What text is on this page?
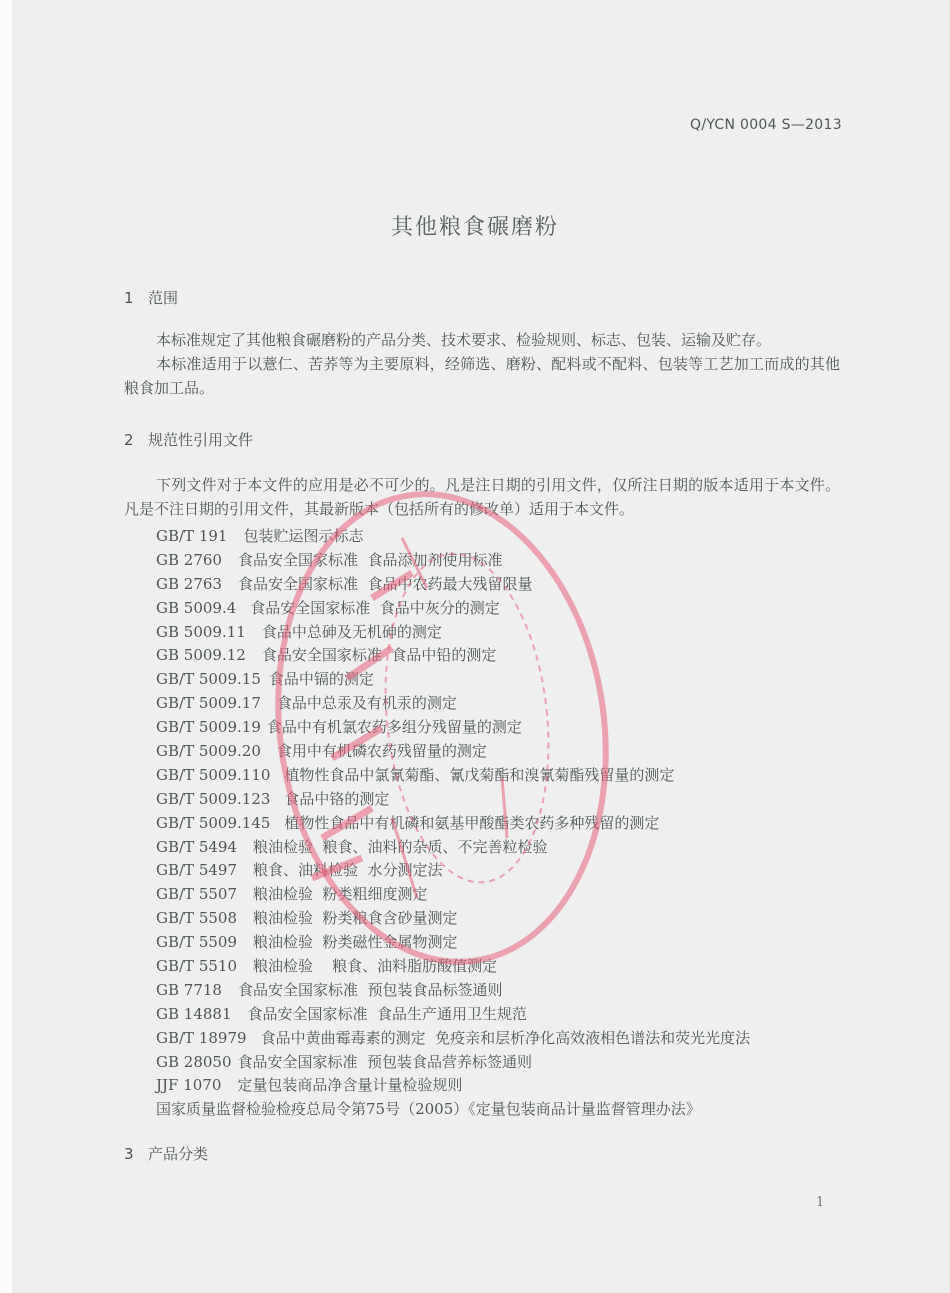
Q/YCN 0004 S—2013
其他粮食碾磨粉
1 范围
本标准规定了其他粮食碾磨粉的产品分类、技术要求、检验规则、标志、包装、运输及贮存。
本标准适用于以薏仁、苦荞等为主要原料，经筛选、磨粉、配料或不配料、包装等工艺加工而成的其他粮食加工品。
2 规范性引用文件
下列文件对于本文件的应用是必不可少的。凡是注日期的引用文件，仅所注日期的版本适用于本文件。凡是不注日期的引用文件，其最新版本（包括所有的修改单）适用于本文件。
GB/T 191 包装贮运图示标志
GB 2760 食品安全国家标准  食品添加剂使用标准
GB 2763 食品安全国家标准  食品中农药最大残留限量
GB 5009.4 食品安全国家标准  食品中灰分的测定
GB 5009.11 食品中总砷及无机砷的测定
GB 5009.12 食品安全国家标准  食品中铅的测定
GB/T 5009.15 食品中镉的测定
GB/T 5009.17 食品中总汞及有机汞的测定
GB/T 5009.19 食品中有机氯农药多组分残留量的测定
GB/T 5009.20 食用中有机磷农药残留量的测定
GB/T 5009.110 植物性食品中氯氰菊酯、氰戊菊酯和溴氰菊酯残留量的测定
GB/T 5009.123 食品中铬的测定
GB/T 5009.145 植物性食品中有机磷和氨基甲酸酯类农药多种残留的测定
GB/T 5494 粮油检验  粮食、油料的杂质、不完善粒检验
GB/T 5497 粮食、油料检验  水分测定法
GB/T 5507 粮油检验  粉类粗细度测定
GB/T 5508 粮油检验  粉类粮食含砂量测定
GB/T 5509 粮油检验  粉类磁性金属物测定
GB/T 5510 粮油检验    粮食、油料脂肪酸值测定
GB 7718 食品安全国家标准  预包装食品标签通则
GB 14881 食品安全国家标准  食品生产通用卫生规范
GB/T 18979 食品中黄曲霉毒素的测定  免疫亲和层析净化高效液相色谱法和荧光光度法
GB 28050 食品安全国家标准  预包装食品营养标签通则
JJF 1070 定量包装商品净含量计量检验规则
国家质量监督检验检疫总局令第75号（2005）《定量包装商品计量监督管理办法》
3 产品分类
1
